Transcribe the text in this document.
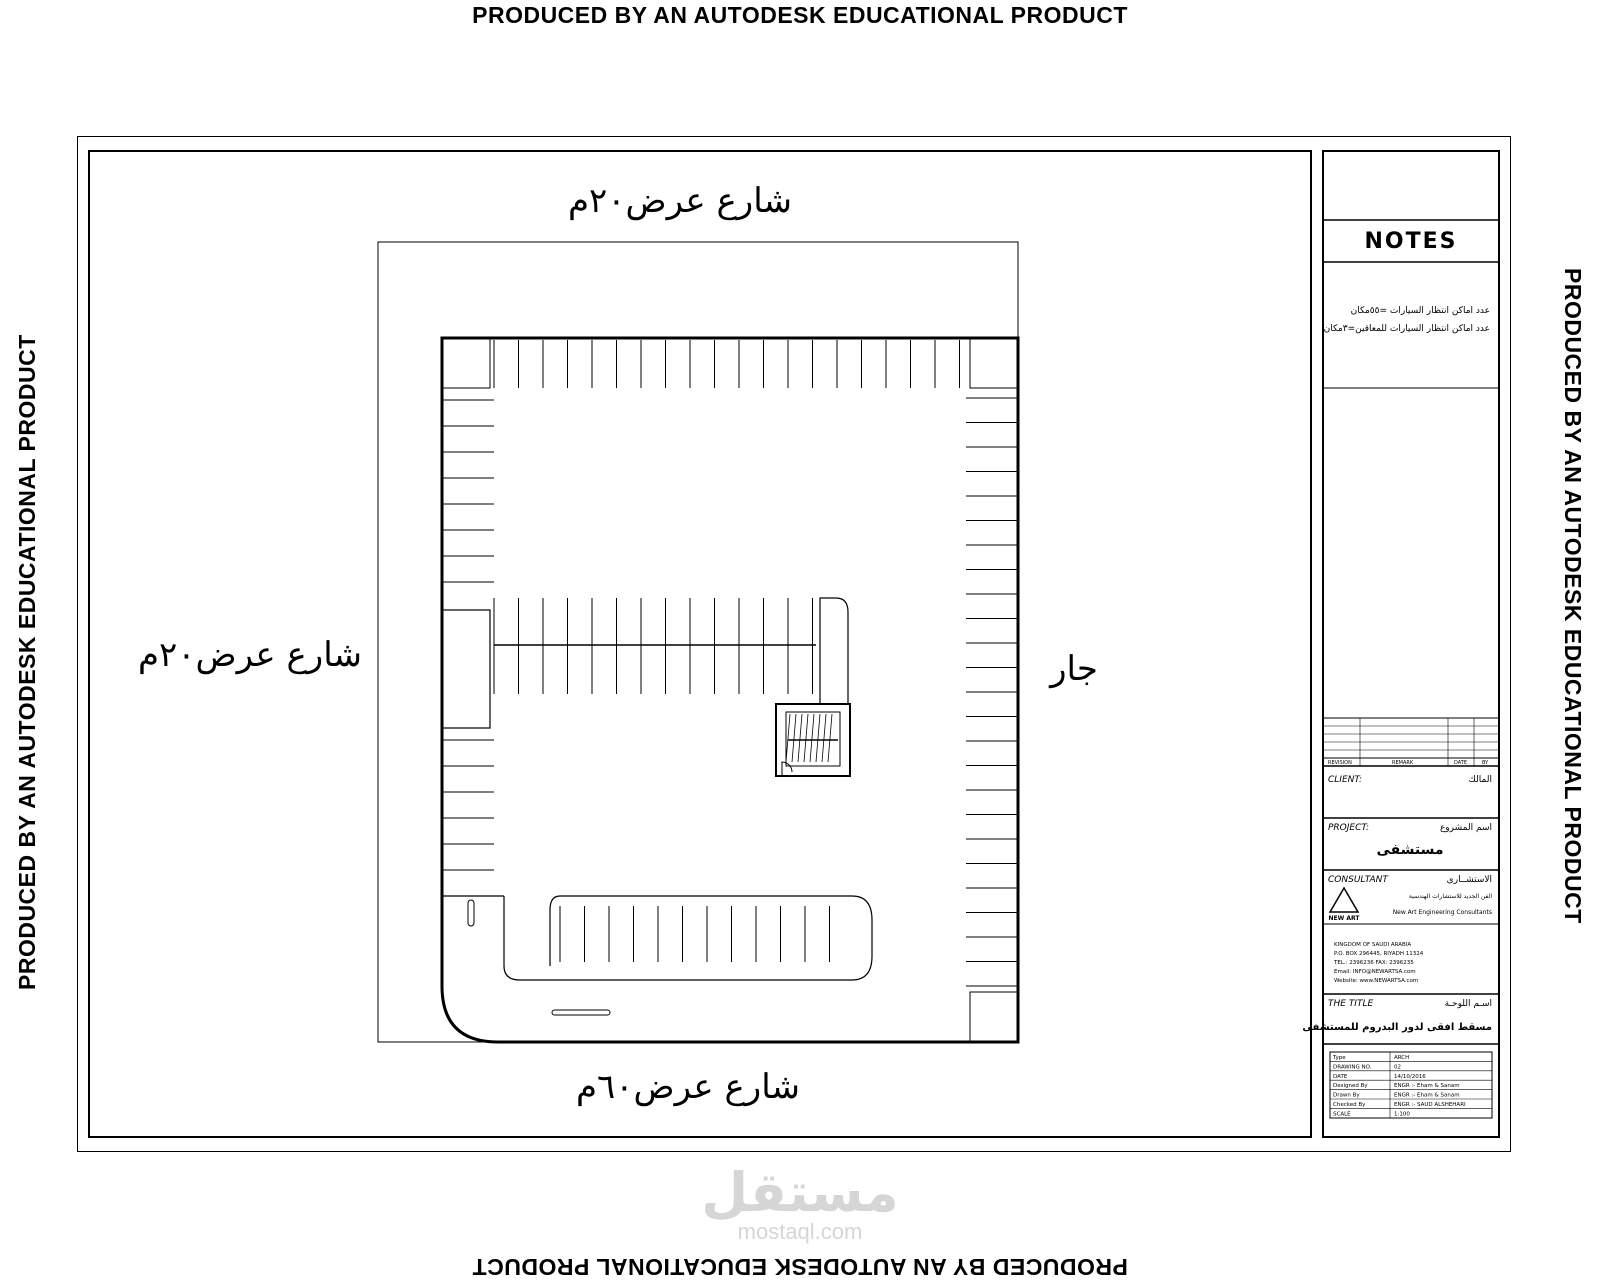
PRODUCED BY AN AUTODESK EDUCATIONAL PRODUCT
PRODUCED BY AN AUTODESK EDUCATIONAL PRODUCT
PRODUCED BY AN AUTODESK EDUCATIONAL PRODUCT	PRODUCED BY AN AUTODESK EDUCATIONAL PRODUCT
شارع عرض٢٠م
شارع عرض٢٠م
شارع عرض٦٠م
جار
NOTES
عدد اماكن انتظار السيارات =٥٥مكان
عدد اماكن انتظار السيارات للمعاقين=٣مكان
REVISION	REMARK	DATE	BY
CLIENT:	المالك
PROJECT:	اسم المشروع
مستشفى
CONSULTANT	الاستشــارى
NEW ART
الفن الجديد للاستشارات الهندسية
New Art Engineering Consultants
KINGDOM OF SAUDI ARABIA
P.O. BOX 296445, RIYADH 11324
TEL.: 2396236 FAX: 2396235
Email: INFO@NEWARTSA.com
Website: www.NEWARTSA.com
THE TITLE	اسـم اللوحـة
مسقط افقى لدور البدروم للمستشفى
Type	ARCH
DRAWING NO.	02
DATE	14/10/2016
Designed By	ENGR :- Eham & Sanam
Drawn By	ENGR :- Eham & Sanam
Checked By	ENGR :- SAUD ALSHEHARI
SCALE	1:100
مستقل
mostaql.com
